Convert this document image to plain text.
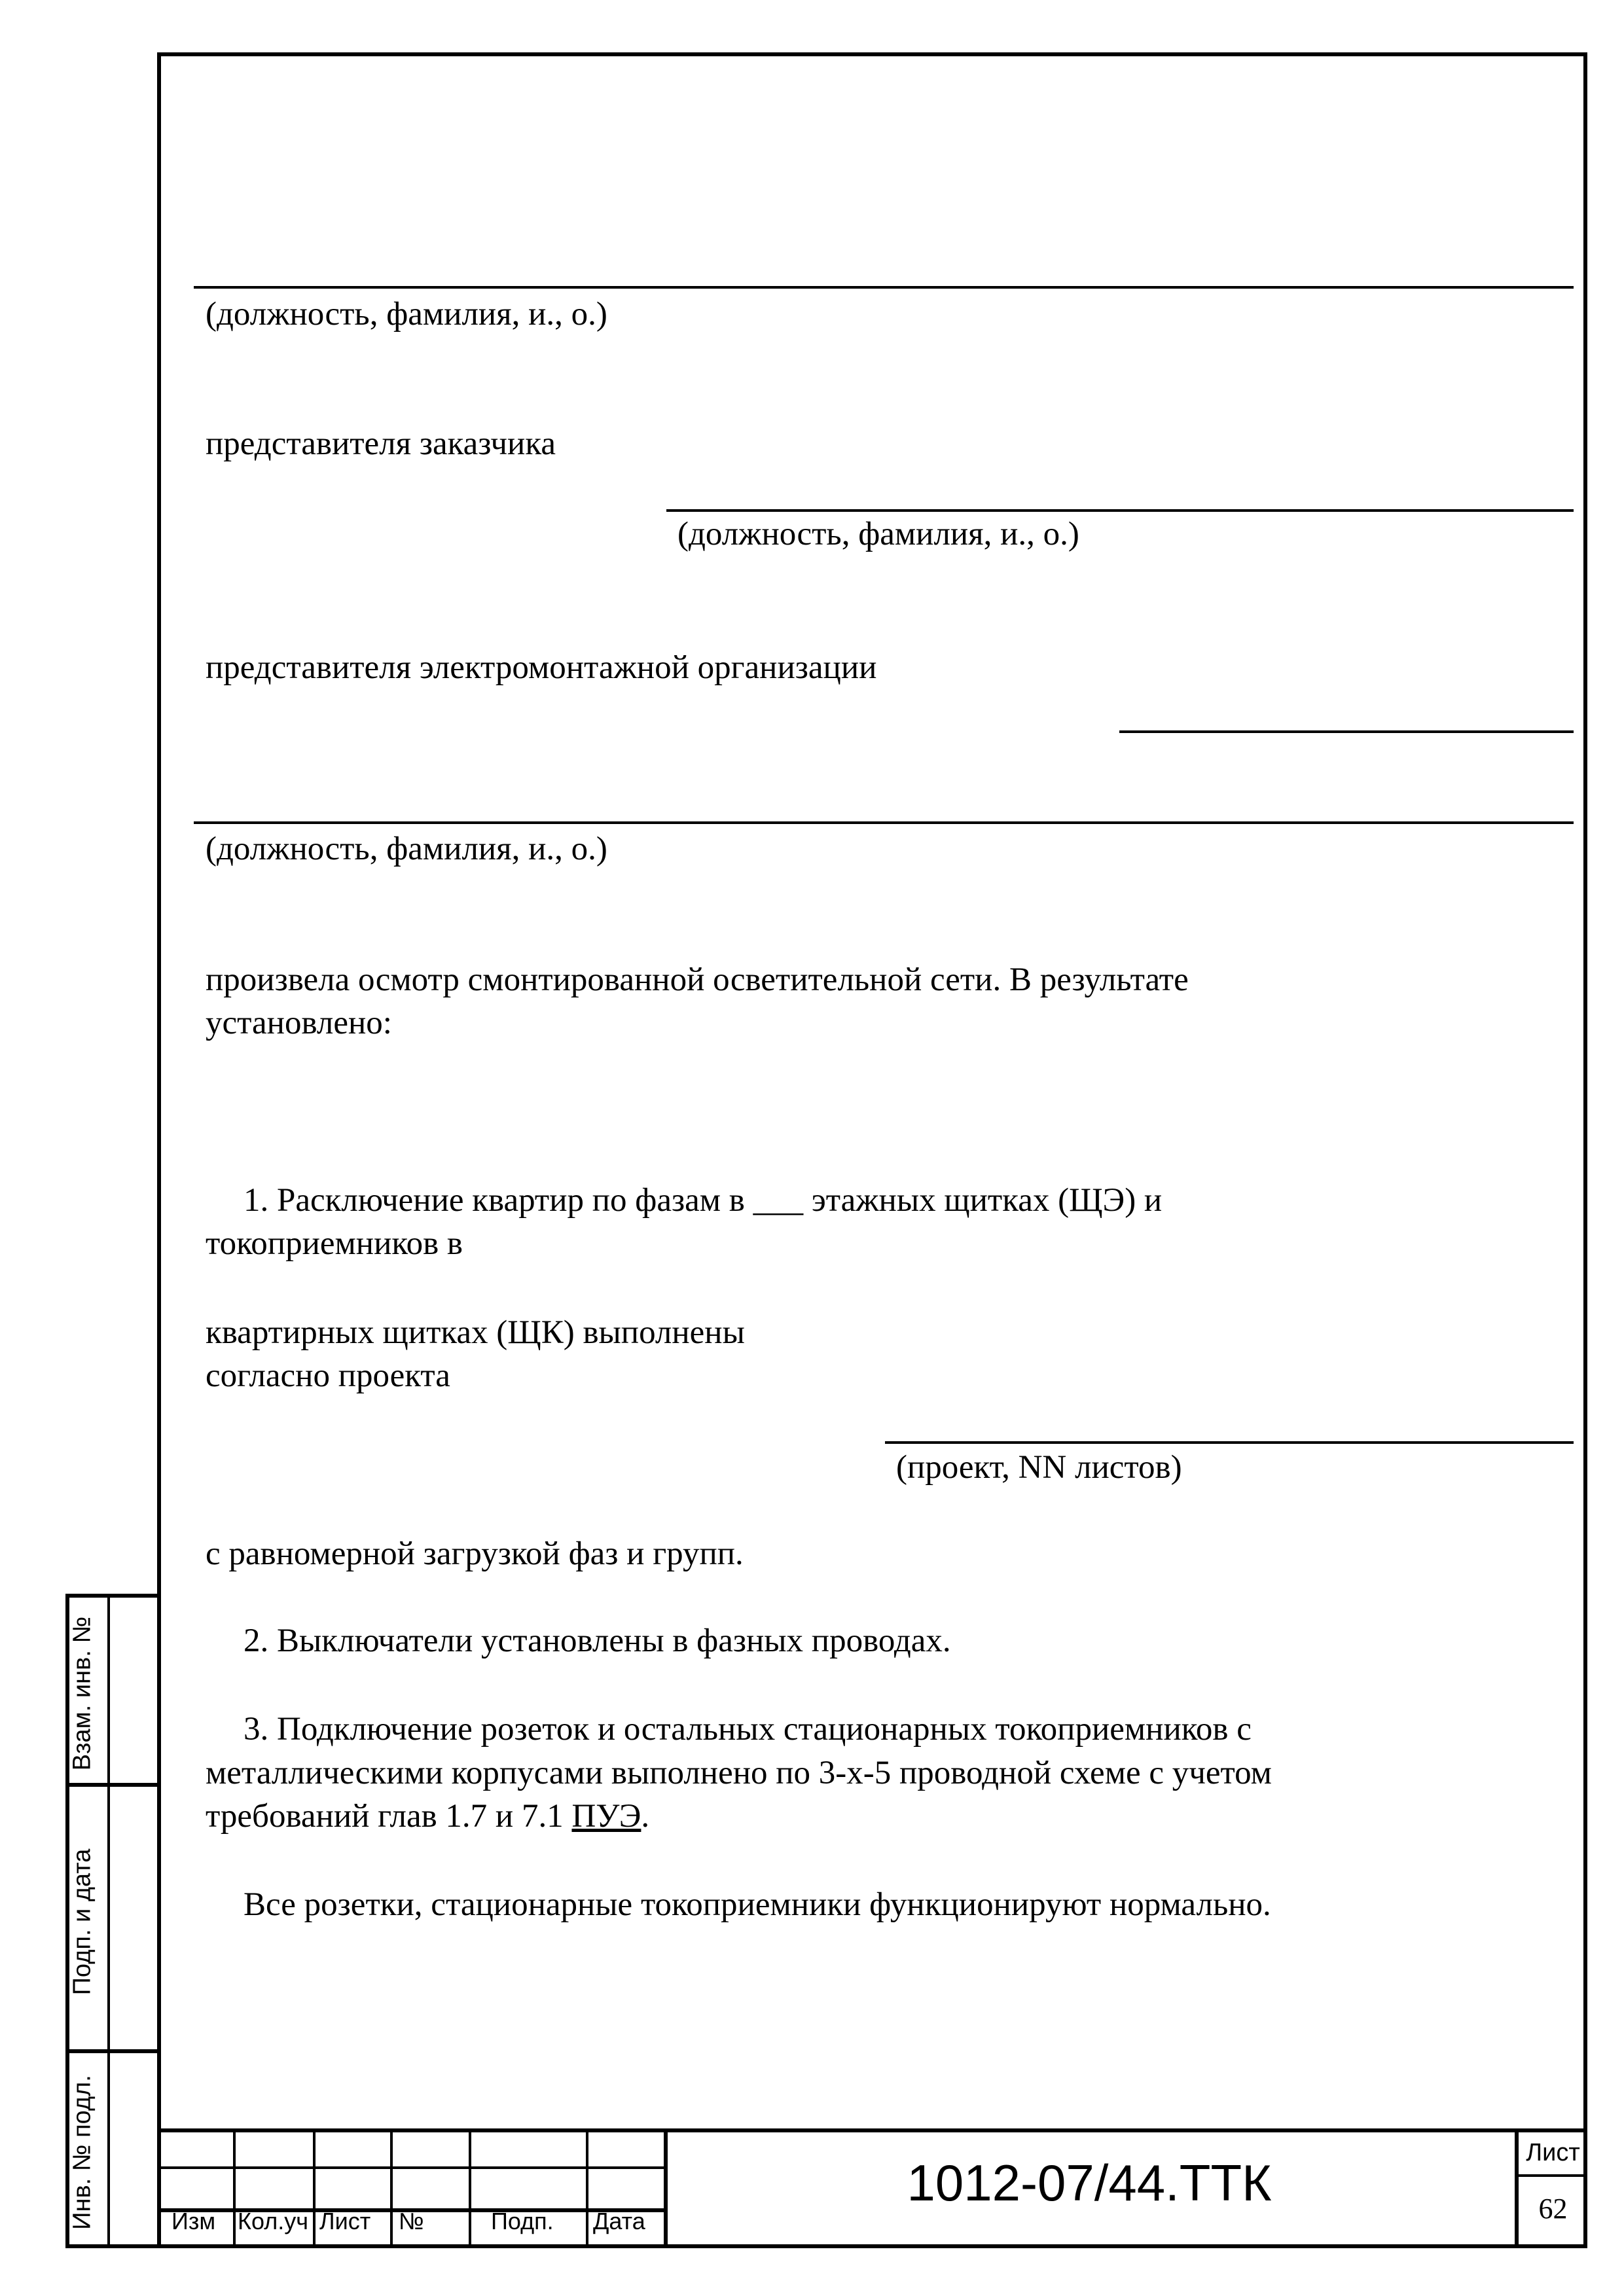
(должность, фамилия, и., о.)
представителя заказчика
(должность, фамилия, и., о.)
представителя электромонтажной организации
(должность, фамилия, и., о.)
произвела осмотр смонтированной осветительной сети. В результате
установлено:
1. Расключение квартир по фазам в ___ этажных щитках (ЩЭ) и
токоприемников в
квартирных щитках (ЩК) выполнены
согласно проекта
(проект, NN листов)
с равномерной загрузкой фаз и групп.
2. Выключатели установлены в фазных проводах.
3. Подключение розеток и остальных стационарных токоприемников с
металлическими корпусами выполнено по 3-х-5 проводной схеме с учетом
требований глав 1.7 и 7.1 ПУЭ.
Все розетки, стационарные токоприемники функционируют нормально.
Взам. инв. №
Подп. и дата
Инв. № подл.	Изм Кол.уч Лист №	Подп. Дата
1012-07/44.ТТК
Лист
62
